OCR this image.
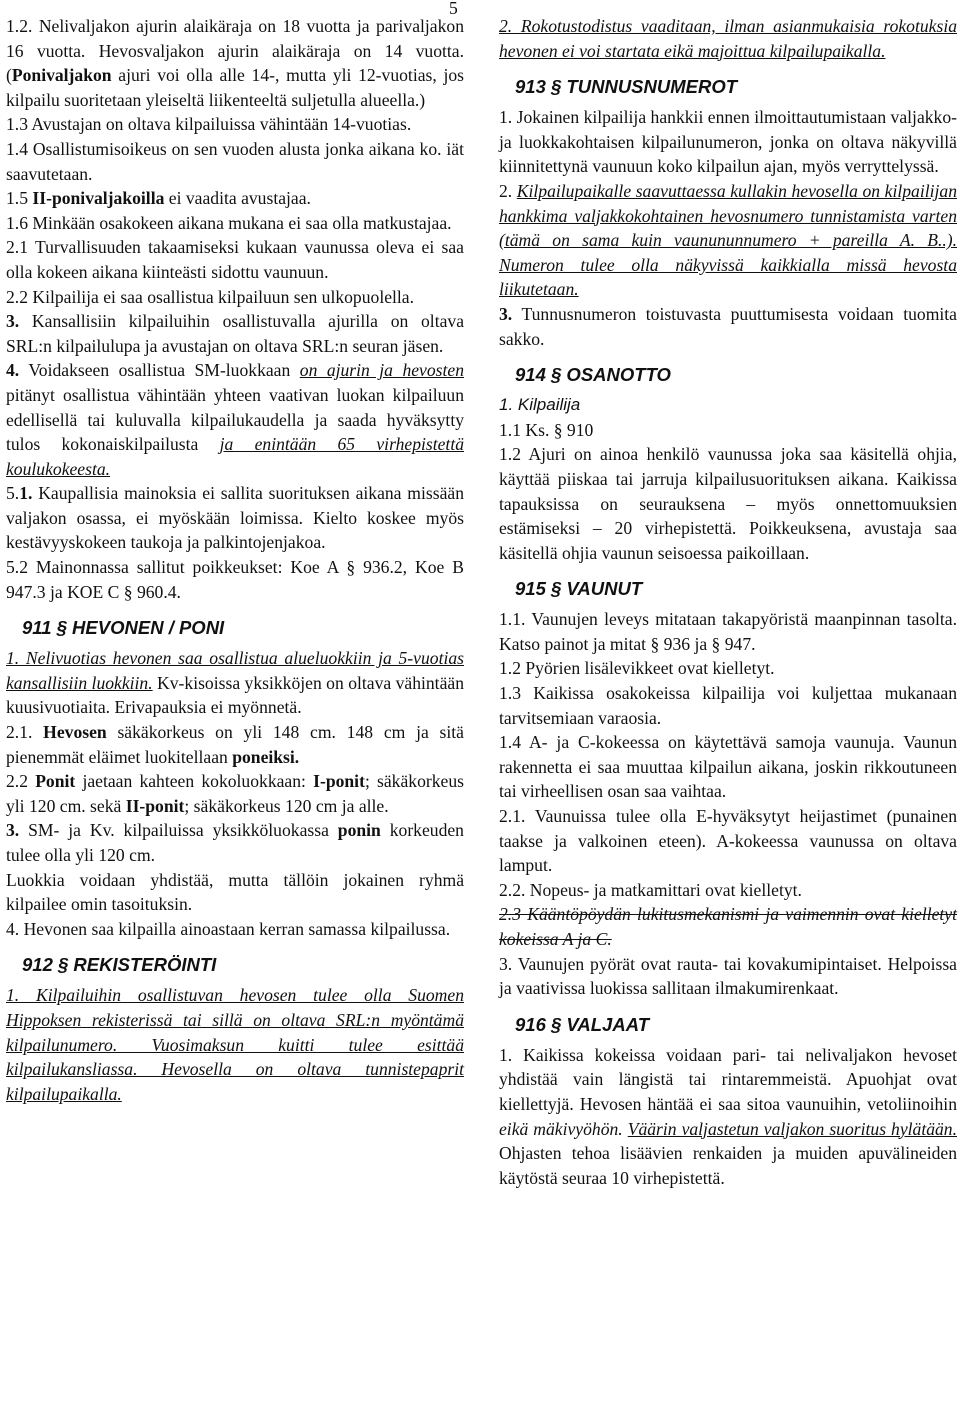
5

1.2. Nelivaljakon ajurin alaikäraja on 18 vuotta ja parivaljakon 16 vuotta. Hevosvaljakon ajurin alaikäraja on 14 vuotta. (Ponivaljakon ajuri voi olla alle 14-, mutta yli 12-vuotias, jos kilpailu suoritetaan yleiseltä liikenteeltä suljetulla alueella.)

1.3 Avustajan on oltava kilpailuissa vähintään 14-vuotias.

1.4 Osallistumisoikeus on sen vuoden alusta jonka aikana ko. iät saavutetaan.

1.5 II-ponivaljakoilla ei vaadita avustajaa.

1.6 Minkään osakokeen aikana mukana ei saa olla matkustajaa.

2.1 Turvallisuuden takaamiseksi kukaan vaunussa oleva ei saa olla kokeen aikana kiinteästi sidottu vaunuun.

2.2 Kilpailija ei saa osallistua kilpailuun sen ulkopuolella.

3. Kansallisiin kilpailuihin osallistuvalla ajurilla on oltava SRL:n kilpailulupa ja avustajan on oltava SRL:n seuran jäsen.

4. Voidakseen osallistua SM-luokkaan on ajurin ja hevosten pitänyt osallistua vähintään yhteen vaativan luokan kilpailuun edellisellä tai kuluvalla kilpailukaudella ja saada hyväksytty tulos kokonaiskilpailusta ja enintään 65 virhepistettä koulukokeesta.

5.1. Kaupallisia mainoksia ei sallita suorituksen aikana missään valjakon osassa, ei myöskään loimissa. Kielto koskee myös kestävyyskokeen taukoja ja palkintojenjakoa.

5.2 Mainonnassa sallitut poikkeukset: Koe A § 936.2, Koe B 947.3 ja KOE C § 960.4.

911 § HEVONEN / PONI

1. Nelivuotias hevonen saa osallistua alueluokkiin ja 5-vuotias kansallisiin luokkiin. Kv-kisoissa yksikköjen on oltava vähintään kuusivuotiaita. Erivapauksia ei myönnetä.

2.1. Hevosen säkäkorkeus on yli 148 cm. 148 cm ja sitä pienemmät eläimet luokitellaan poneiksi.

2.2 Ponit jaetaan kahteen kokoluokkaan: I-ponit; säkäkorkeus yli 120 cm. sekä II-ponit; säkäkorkeus 120 cm ja alle.

3. SM- ja Kv. kilpailuissa yksikköluokassa ponin korkeuden tulee olla yli 120 cm.

Luokkia voidaan yhdistää, mutta tällöin jokainen ryhmä kilpailee omin tasoituksin.

4. Hevonen saa kilpailla ainoastaan kerran samassa kilpailussa.

912 § REKISTERÖINTI

1. Kilpailuihin osallistuvan hevosen tulee olla Suomen Hippoksen rekisterissä tai sillä on oltava SRL:n myöntämä kilpailunumero. Vuosimaksun kuitti tulee esittää kilpailukansliassa. Hevosella on oltava tunnistepaprit kilpailupaikalla.

2. Rokotustodistus vaaditaan, ilman asianmukaisia rokotuksia hevonen ei voi startata eikä majoittua kilpailupaikalla.

913 § TUNNUSNUMEROT

1. Jokainen kilpailija hankkii ennen ilmoittautumistaan valjakko- ja luokkakohtaisen kilpailunumeron, jonka on oltava näkyvillä kiinnitettynä vaunuun koko kilpailun ajan, myös verryttelyssä.

2. Kilpailupaikalle saavuttaessa kullakin hevosella on kilpailijan hankkima valjakkokohtainen hevosnumero tunnistamista varten (tämä on sama kuin vaunununnumero + pareilla A. B..). Numeron tulee olla näkyvissä kaikkialla missä hevosta liikutetaan.

3. Tunnusnumeron toistuvasta puuttumisesta voidaan tuomita sakko.

914 § OSANOTTO

1. Kilpailija

1.1 Ks. § 910

1.2 Ajuri on ainoa henkilö vaunussa joka saa käsitellä ohjia, käyttää piiskaa tai jarruja kilpailusuorituksen aikana. Kaikissa tapauksissa on seurauksena – myös onnettomuuksien estämiseksi – 20 virhepistettä. Poikkeuksena, avustaja saa käsitellä ohjia vaunun seisoessa paikoillaan.

915 § VAUNUT

1.1. Vaunujen leveys mitataan takapyöristä maanpinnan tasolta. Katso painot ja mitat § 936 ja § 947.

1.2 Pyörien lisälevikkeet ovat kielletyt.

1.3 Kaikissa osakokeissa kilpailija voi kuljettaa mukanaan tarvitsemiaan varaosia.

1.4 A- ja C-kokeessa on käytettävä samoja vaunuja. Vaunun rakennetta ei saa muuttaa kilpailun aikana, joskin rikkoutuneen tai virheellisen osan saa vaihtaa.

2.1. Vaunuissa tulee olla E-hyväksytyt heijastimet (punainen taakse ja valkoinen eteen). A-kokeessa vaunussa on oltava lamput.

2.2. Nopeus- ja matkamittari ovat kielletyt.

2.3 Kääntöpöydän lukitusmekanismi ja vaimennin ovat kielletyt kokeissa A ja C.

3. Vaunujen pyörät ovat rauta- tai kovakumipintaiset. Helpoissa ja vaativissa luokissa sallitaan ilmakumirenkaat.

916 § VALJAAT

1. Kaikissa kokeissa voidaan pari- tai nelivaljakon hevoset yhdistää vain längistä tai rintaremmeistä. Apuohjat ovat kiellettyjä. Hevosen häntää ei saa sitoa vaunuihin, vetoliinoihin eikä mäkivyöhön. Väärin valjastetun valjakon suoritus hylätään. Ohjasten tehoa lisäävien renkaiden ja muiden apuvälineiden käytöstä seuraa 10 virhepistettä.
